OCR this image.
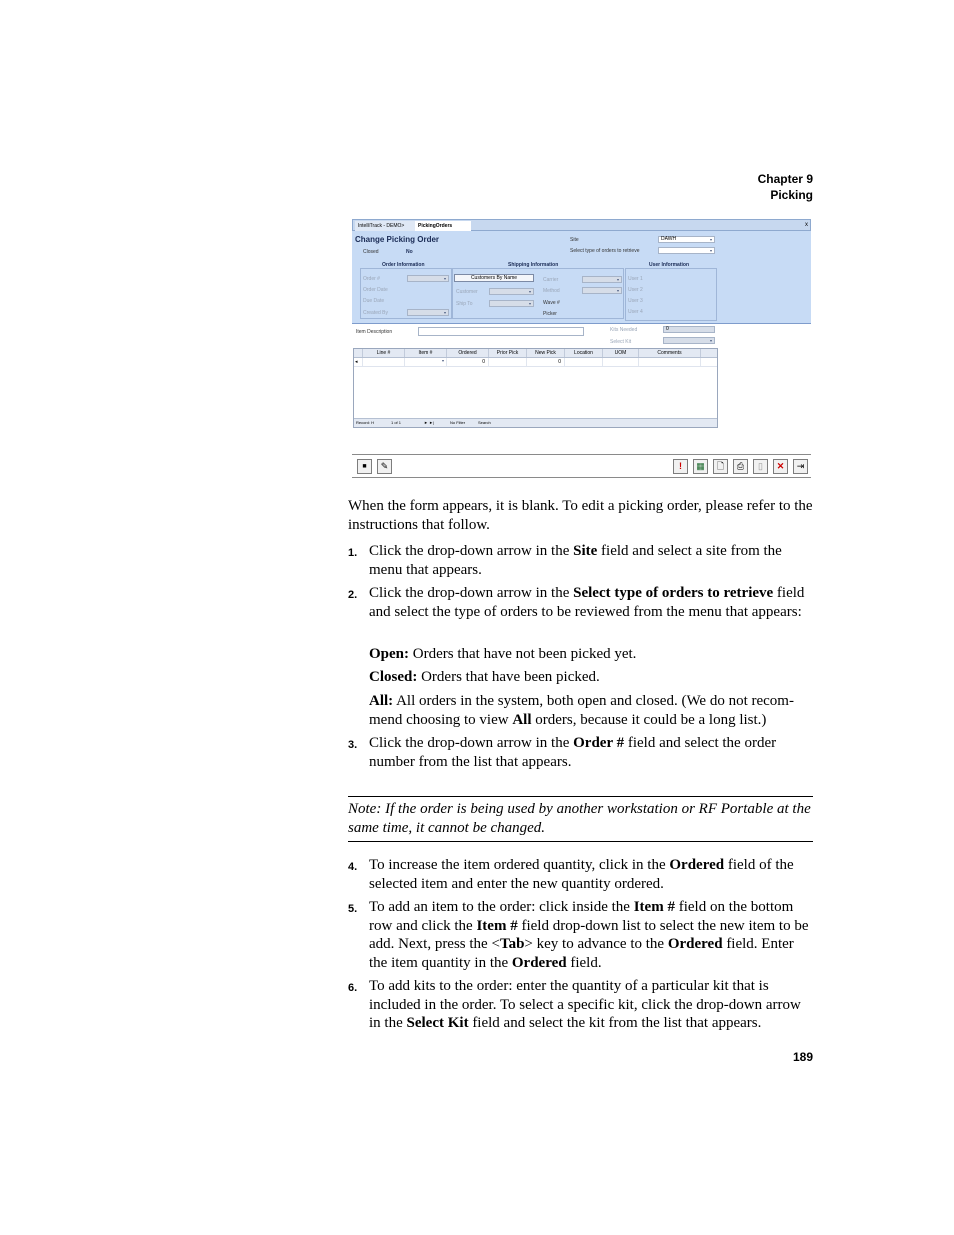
Chapter 9
Picking
IntelliTrack - DEMO>	PickingOrders	x
Change Picking Order
Closed	No
Site	DAWH	▾
Select type of orders to retrieve	▾
Order Information	Shipping Information	User Information
Order #	▾
Order Date
Due Date
Created By	▾
Customers By Name
Customer	▾
Ship To	▾
Carrier	▾
Method	▾
Wave #
Picker
User 1
User 2
User 3
User 4
Item Description	Kits Needed	0
Select Kit	▾
Line #	Item #	Ordered	Prior Pick	New Pick	Location	UOM	Comments
◂	▾	0	0
Record: H	1 of 1	► ►|	No Filter	Search
■	✎	!	▦	🗋	⎙	▯	✕	⇥
When the form appears, it is blank. To edit a picking order, please refer to the instructions that follow.
1. Click the drop-down arrow in the Site field and select a site from the menu that appears.
2. Click the drop-down arrow in the Select type of orders to retrieve field and select the type of orders to be reviewed from the menu that appears:
Open: Orders that have not been picked yet.
Closed: Orders that have been picked.
All: All orders in the system, both open and closed. (We do not recom-mend choosing to view All orders, because it could be a long list.)
3. Click the drop-down arrow in the Order # field and select the order number from the list that appears.
Note: If the order is being used by another workstation or RF Portable at the same time, it cannot be changed.
4. To increase the item ordered quantity, click in the Ordered field of the selected item and enter the new quantity ordered.
5. To add an item to the order: click inside the Item # field on the bottom row and click the Item # field drop-down list to select the new item to be add. Next, press the <Tab> key to advance to the Ordered field. Enter the item quantity in the Ordered field.
6. To add kits to the order: enter the quantity of a particular kit that is included in the order. To select a specific kit, click the drop-down arrow in the Select Kit field and select the kit from the list that appears.
189
